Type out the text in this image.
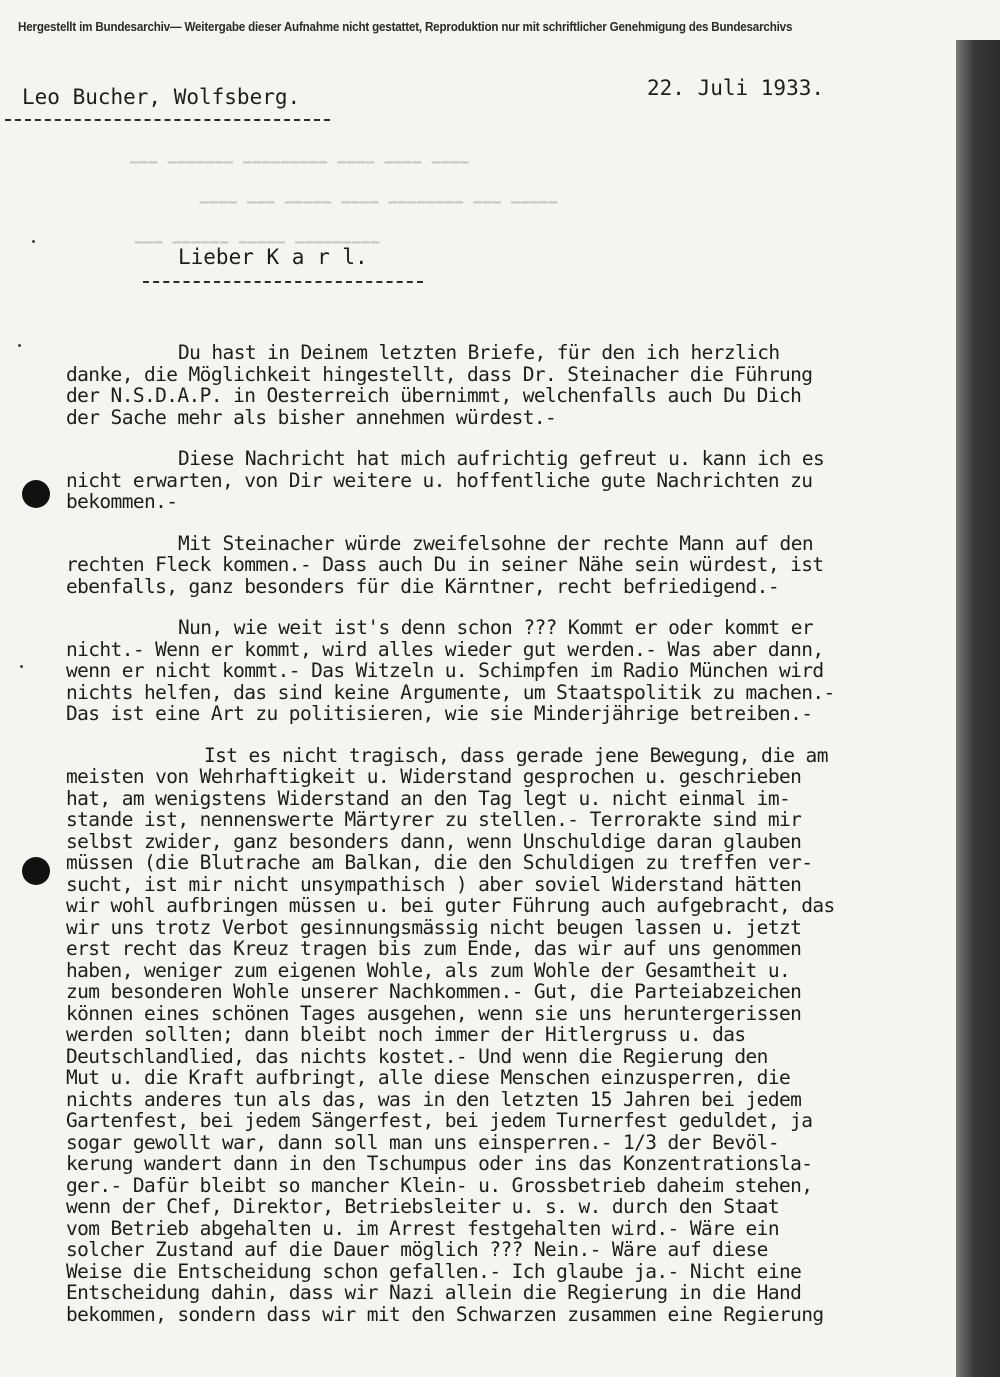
Hergestellt im Bundesarchiv— Weitergabe dieser Aufnahme nicht gestattet, Reproduktion nur mit schriftlicher Genehmigung des Bundesarchivs
▁▁▁ ▁▁▁▁▁▁▁ ▁▁▁▁▁▁▁▁▁ ▁▁▁▁ ▁▁▁▁ ▁▁▁▁
▁▁▁▁ ▁▁▁ ▁▁▁▁▁ ▁▁▁▁ ▁▁▁▁▁▁▁▁ ▁▁▁ ▁▁▁▁▁
▁▁▁ ▁▁▁▁▁▁ ▁▁▁▁▁ ▁▁▁▁▁▁▁▁▁
Leo Bucher, Wolfsberg.	22. Juli 1933.
Lieber K a r l.
Du hast in Deinem letzten Briefe, für den ich herzlich
danke, die Möglichkeit hingestellt, dass Dr. Steinacher die Führung
der N.S.D.A.P. in Oesterreich übernimmt, welchenfalls auch Du Dich
der Sache mehr als bisher annehmen würdest.-
Diese Nachricht hat mich aufrichtig gefreut u. kann ich es
nicht erwarten, von Dir weitere u. hoffentliche gute Nachrichten zu
bekommen.-
Mit Steinacher würde zweifelsohne der rechte Mann auf den
rechten Fleck kommen.- Dass auch Du in seiner Nähe sein würdest, ist
ebenfalls, ganz besonders für die Kärntner, recht befriedigend.-
Nun, wie weit ist's denn schon ??? Kommt er oder kommt er
nicht.- Wenn er kommt, wird alles wieder gut werden.- Was aber dann,
wenn er nicht kommt.- Das Witzeln u. Schimpfen im Radio München wird
nichts helfen, das sind keine Argumente, um Staatspolitik zu machen.-
Das ist eine Art zu politisieren, wie sie Minderjährige betreiben.-
Ist es nicht tragisch, dass gerade jene Bewegung, die am
meisten von Wehrhaftigkeit u. Widerstand gesprochen u. geschrieben
hat, am wenigstens Widerstand an den Tag legt u. nicht einmal im-
stande ist, nennenswerte Märtyrer zu stellen.- Terrorakte sind mir
selbst zwider, ganz besonders dann, wenn Unschuldige daran glauben
müssen (die Blutrache am Balkan, die den Schuldigen zu treffen ver-
sucht, ist mir nicht unsympathisch ) aber soviel Widerstand hätten
wir wohl aufbringen müssen u. bei guter Führung auch aufgebracht, das
wir uns trotz Verbot gesinnungsmässig nicht beugen lassen u. jetzt
erst recht das Kreuz tragen bis zum Ende, das wir auf uns genommen
haben, weniger zum eigenen Wohle, als zum Wohle der Gesamtheit u.
zum besonderen Wohle unserer Nachkommen.- Gut, die Parteiabzeichen
können eines schönen Tages ausgehen, wenn sie uns heruntergerissen
werden sollten; dann bleibt noch immer der Hitlergruss u. das
Deutschlandlied, das nichts kostet.- Und wenn die Regierung den
Mut u. die Kraft aufbringt, alle diese Menschen einzusperren, die
nichts anderes tun als das, was in den letzten 15 Jahren bei jedem
Gartenfest, bei jedem Sängerfest, bei jedem Turnerfest geduldet, ja
sogar gewollt war, dann soll man uns einsperren.- 1/3 der Bevöl-
kerung wandert dann in den Tschumpus oder ins das Konzentrationsla-
ger.- Dafür bleibt so mancher Klein- u. Grossbetrieb daheim stehen,
wenn der Chef, Direktor, Betriebsleiter u. s. w. durch den Staat
vom Betrieb abgehalten u. im Arrest festgehalten wird.- Wäre ein
solcher Zustand auf die Dauer möglich ??? Nein.- Wäre auf diese
Weise die Entscheidung schon gefallen.- Ich glaube ja.- Nicht eine
Entscheidung dahin, dass wir Nazi allein die Regierung in die Hand
bekommen, sondern dass wir mit den Schwarzen zusammen eine Regierung
